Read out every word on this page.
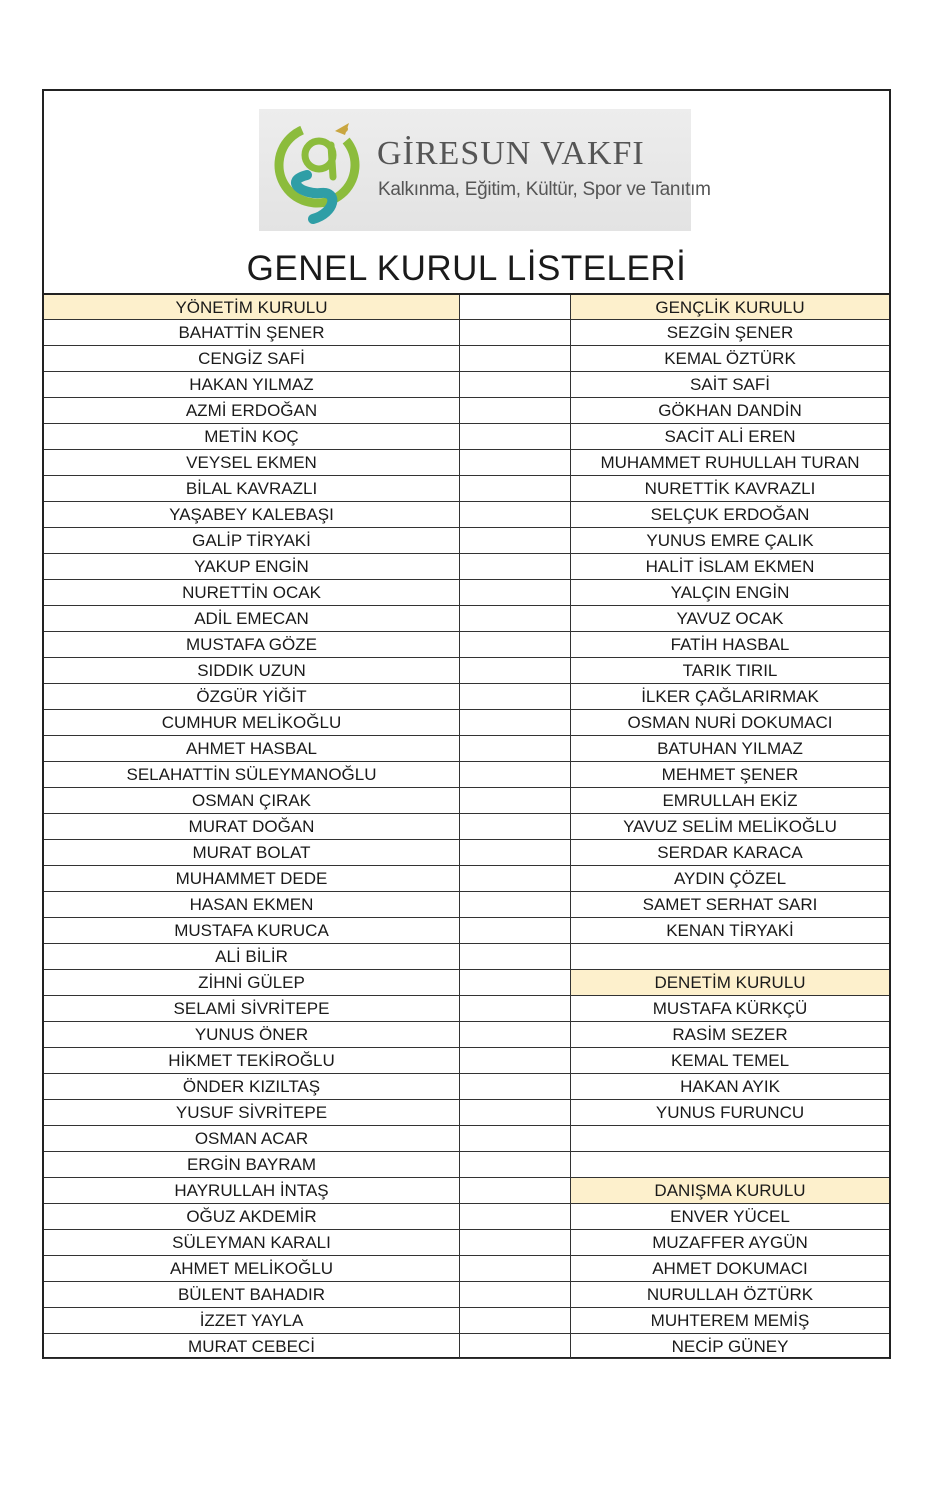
GİRESUN VAKFI
Kalkınma, Eğitim, Kültür, Spor ve Tanıtım
GENEL KURUL LİSTELERİ
YÖNETİM KURULU	GENÇLİK KURULU
BAHATTİN ŞENER	SEZGİN ŞENER
CENGİZ SAFİ	KEMAL ÖZTÜRK
HAKAN YILMAZ	SAİT SAFİ
AZMİ ERDOĞAN	GÖKHAN DANDİN
METİN KOÇ	SACİT ALİ EREN
VEYSEL EKMEN	MUHAMMET RUHULLAH TURAN
BİLAL KAVRAZLI	NURETTİK KAVRAZLI
YAŞABEY KALEBAŞI	SELÇUK ERDOĞAN
GALİP TİRYAKİ	YUNUS EMRE ÇALIK
YAKUP ENGİN	HALİT İSLAM EKMEN
NURETTİN OCAK	YALÇIN ENGİN
ADİL EMECAN	YAVUZ OCAK
MUSTAFA GÖZE	FATİH HASBAL
SIDDIK UZUN	TARIK TIRIL
ÖZGÜR YİĞİT	İLKER ÇAĞLARIRMAK
CUMHUR MELİKOĞLU	OSMAN NURİ DOKUMACI
AHMET HASBAL	BATUHAN YILMAZ
SELAHATTİN SÜLEYMANOĞLU	MEHMET ŞENER
OSMAN ÇIRAK	EMRULLAH EKİZ
MURAT DOĞAN	YAVUZ SELİM MELİKOĞLU
MURAT BOLAT	SERDAR KARACA
MUHAMMET DEDE	AYDIN ÇÖZEL
HASAN EKMEN	SAMET SERHAT SARI
MUSTAFA KURUCA	KENAN TİRYAKİ
ALİ BİLİR
ZİHNİ GÜLEP	DENETİM KURULU
SELAMİ SİVRİTEPE	MUSTAFA KÜRKÇÜ
YUNUS ÖNER	RASİM SEZER
HİKMET TEKİROĞLU	KEMAL TEMEL
ÖNDER KIZILTAŞ	HAKAN AYIK
YUSUF SİVRİTEPE	YUNUS FURUNCU
OSMAN ACAR
ERGİN BAYRAM
HAYRULLAH İNTAŞ	DANIŞMA KURULU
OĞUZ AKDEMİR	ENVER YÜCEL
SÜLEYMAN KARALI	MUZAFFER AYGÜN
AHMET MELİKOĞLU	AHMET DOKUMACI
BÜLENT BAHADIR	NURULLAH ÖZTÜRK
İZZET YAYLA	MUHTEREM MEMİŞ
MURAT CEBECİ	NECİP GÜNEY
